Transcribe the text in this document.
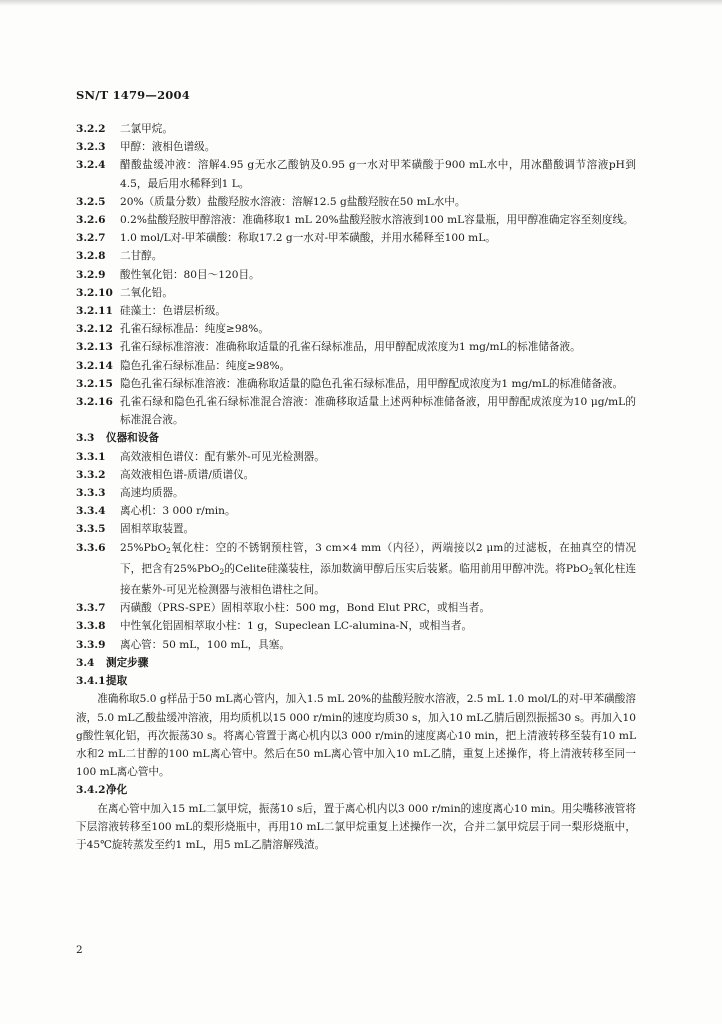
SN/T 1479—2004
3.2.2	二氯甲烷。
3.2.3	甲醇：液相色谱级。
3.2.4	醋酸盐缓冲液：溶解4.95 g无水乙酸钠及0.95 g一水对甲苯磺酸于900 mL水中，用冰醋酸调节溶液pH到4.5，最后用水稀释到1 L。
3.2.5	20%（质量分数）盐酸羟胺水溶液：溶解12.5 g盐酸羟胺在50 mL水中。
3.2.6	0.2%盐酸羟胺甲醇溶液：准确移取1 mL 20%盐酸羟胺水溶液到100 mL容量瓶，用甲醇准确定容至刻度线。
3.2.7	1.0 mol/L对-甲苯磺酸：称取17.2 g一水对-甲苯磺酸，并用水稀释至100 mL。
3.2.8	二甘醇。
3.2.9	酸性氧化铝：80目～120目。
3.2.10 二氧化铅。
3.2.11 硅藻土：色谱层析级。
3.2.12 孔雀石绿标准品：纯度≥98%。
3.2.13 孔雀石绿标准溶液：准确称取适量的孔雀石绿标准品，用甲醇配成浓度为1 mg/mL的标准储备液。
3.2.14 隐色孔雀石绿标准品：纯度≥98%。
3.2.15 隐色孔雀石绿标准溶液：准确称取适量的隐色孔雀石绿标准品，用甲醇配成浓度为1 mg/mL的标准储备液。
3.2.16 孔雀石绿和隐色孔雀石绿标准混合溶液：准确移取适量上述两种标准储备液，用甲醇配成浓度为10 μg/mL的标准混合液。
3.3	仪器和设备
3.3.1	高效液相色谱仪：配有紫外-可见光检测器。
3.3.2	高效液相色谱-质谱/质谱仪。
3.3.3	高速均质器。
3.3.4	离心机：3 000 r/min。
3.3.5	固相萃取装置。
3.3.6	25%PbO$_2$氧化柱：空的不锈钢预柱管，3 cm×4 mm（内径），两端接以2 μm的过滤板，在抽真空的情况下，把含有25%PbO$_2$的Celite硅藻装柱，添加数滴甲醇后压实后装紧。临用前用甲醇冲洗。将PbO$_2$氧化柱连接在紫外-可见光检测器与液相色谱柱之间。
3.3.7	丙磺酸（PRS-SPE）固相萃取小柱：500 mg，Bond Elut PRC，或相当者。
3.3.8	中性氧化铝固相萃取小柱：1 g，Supeclean LC-alumina-N，或相当者。
3.3.9	离心管：50 mL，100 mL，具塞。
3.4	测定步骤
3.4.1 提取
准确称取5.0 g样品于50 mL离心管内，加入1.5 mL 20%的盐酸羟胺水溶液，2.5 mL 1.0 mol/L的对-甲苯磺酸溶液，5.0 mL乙酸盐缓冲溶液，用均质机以15 000 r/min的速度均质30 s，加入10 mL乙腈后剧烈振摇30 s。再加入10 g酸性氧化铝，再次振荡30 s。将离心管置于离心机内以3 000 r/min的速度离心10 min，把上清液转移至装有10 mL水和2 mL二甘醇的100 mL离心管中。然后在50 mL离心管中加入10 mL乙腈，重复上述操作，将上清液转移至同一100 mL离心管中。
3.4.2 净化
在离心管中加入15 mL二氯甲烷，振荡10 s后，置于离心机内以3 000 r/min的速度离心10 min。用尖嘴移液管将下层溶液转移至100 mL的梨形烧瓶中，再用10 mL二氯甲烷重复上述操作一次，合并二氯甲烷层于同一梨形烧瓶中，于45℃旋转蒸发至约1 mL，用5 mL乙腈溶解残渣。
2
